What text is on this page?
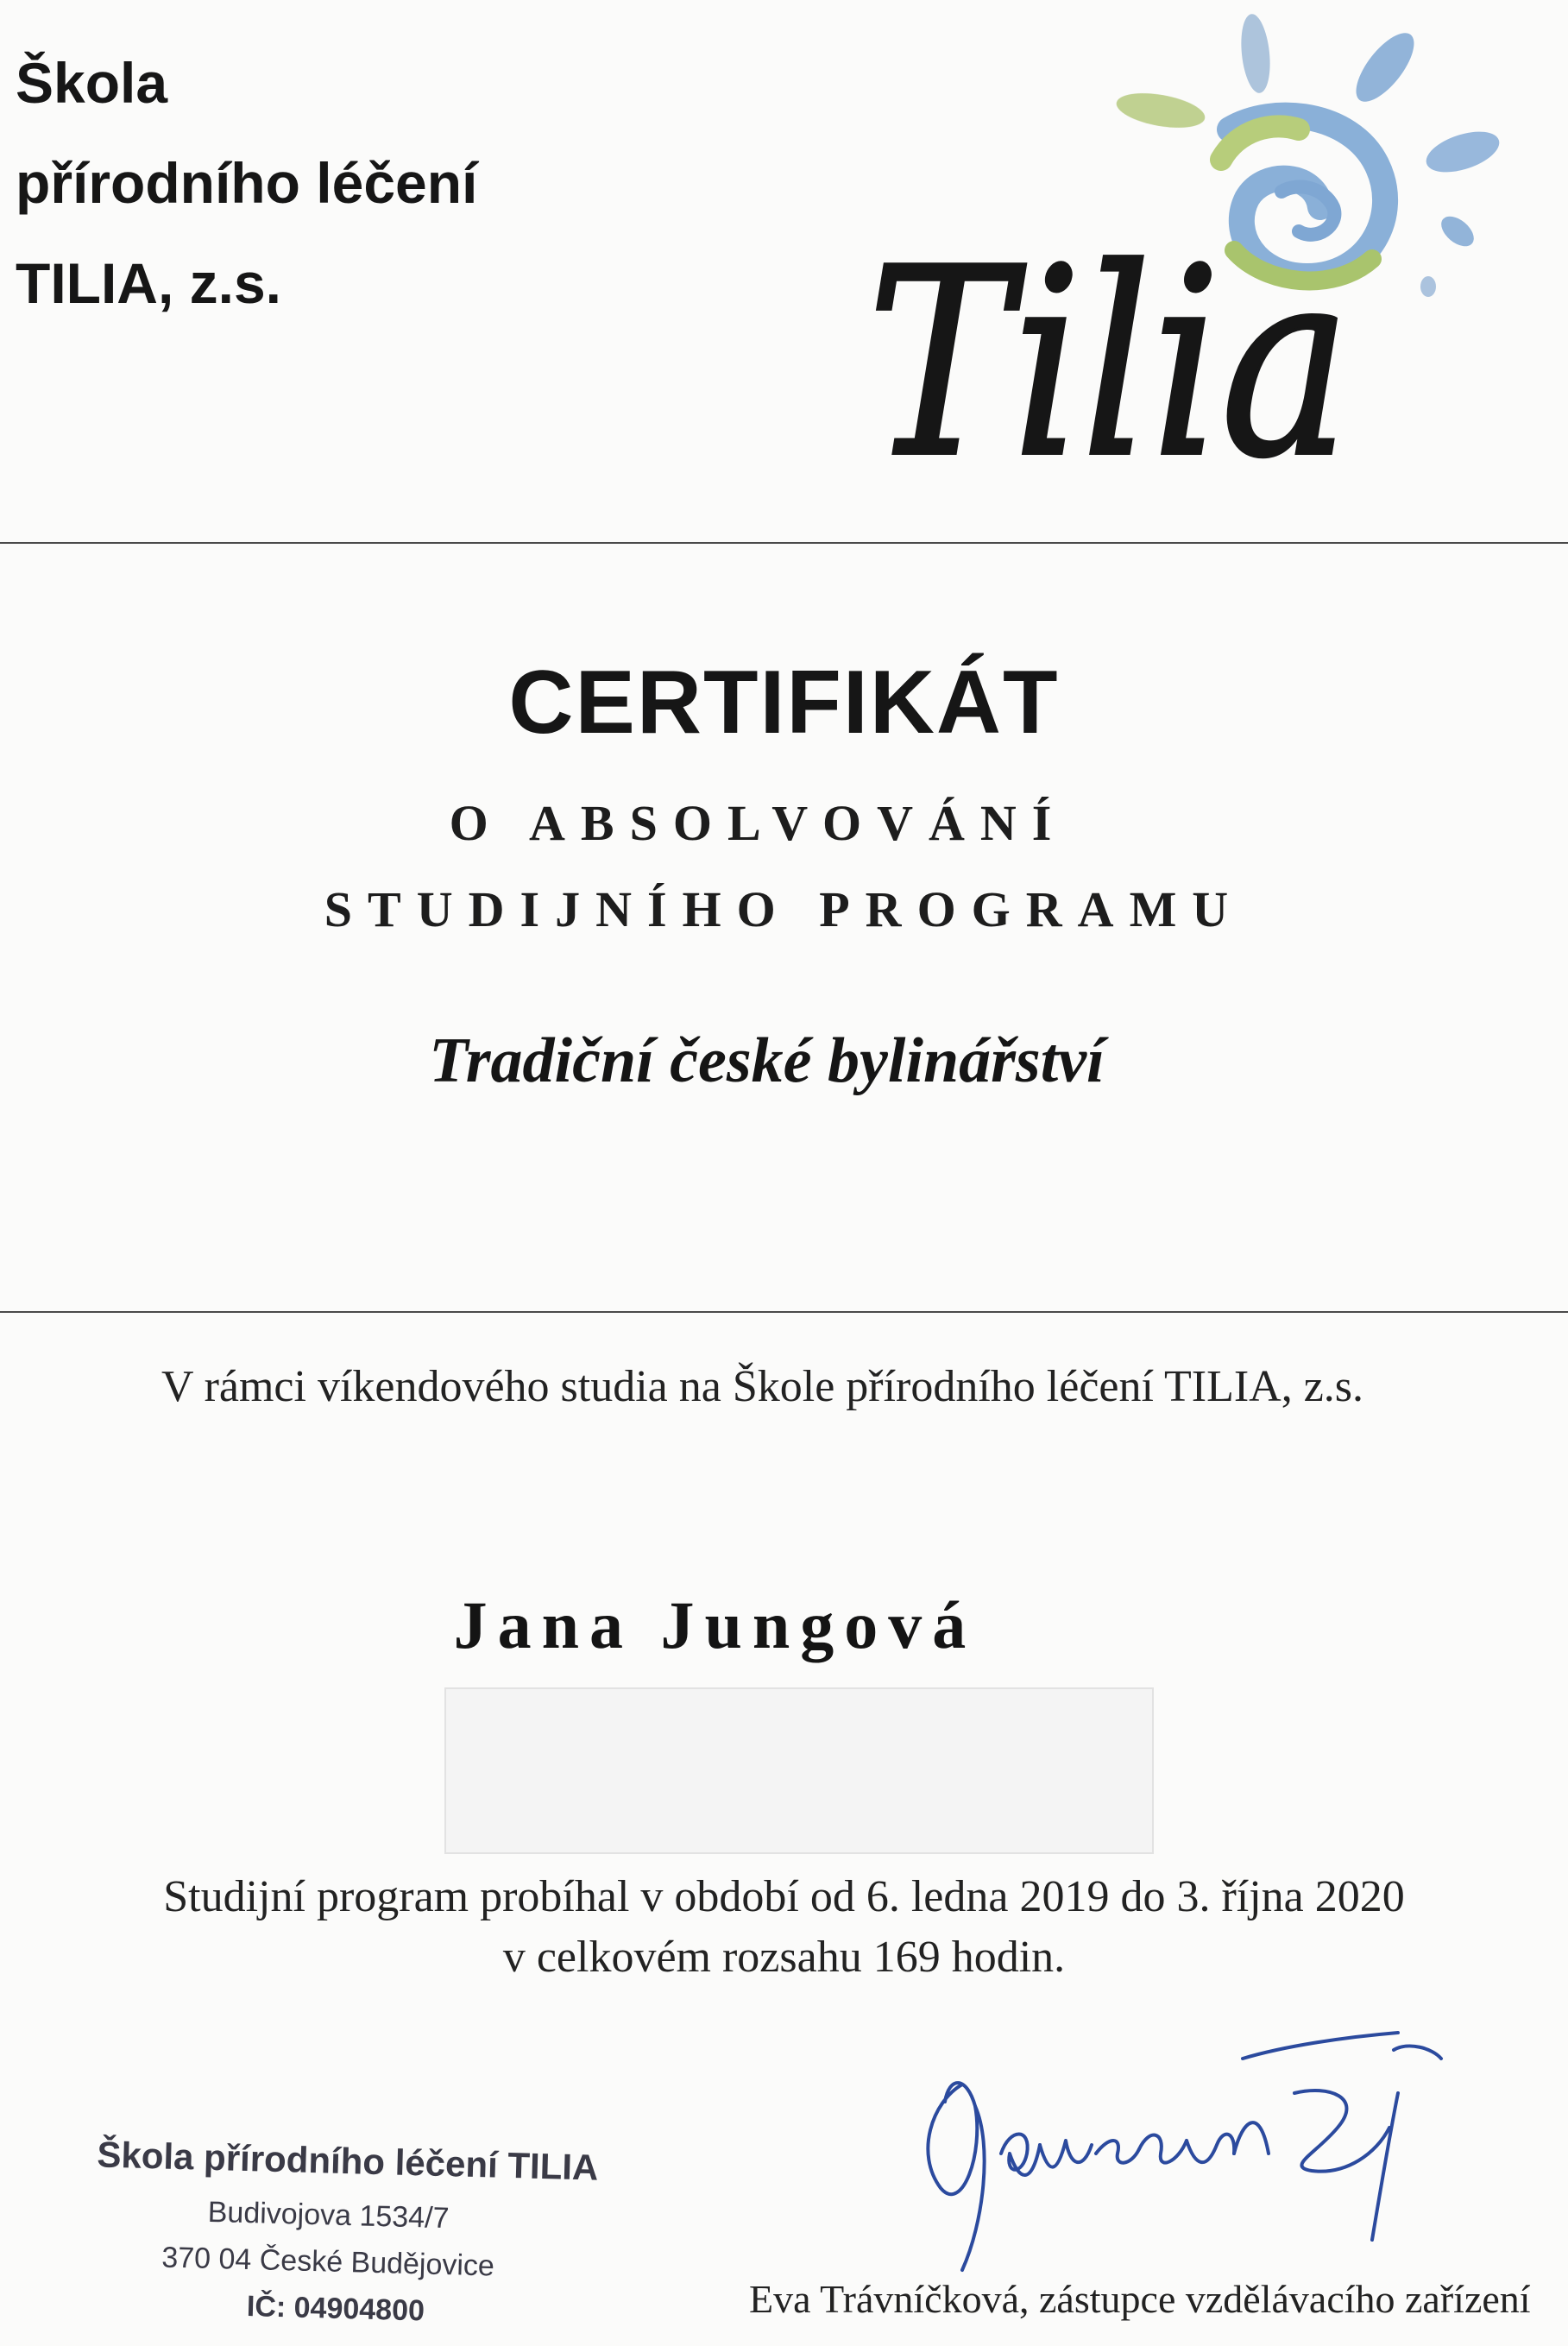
Škola
přírodního léčení
TILIA, z.s.	Tilia
CERTIFIKÁT
O ABSOLVOVÁNÍ
STUDIJNÍHO PROGRAMU
Tradiční české bylinářství
V rámci víkendového studia na Škole přírodního léčení TILIA, z.s.
Jana Jungová
Studijní program probíhal v období od 6. ledna 2019 do 3. října 2020
v celkovém rozsahu 169 hodin.
Škola přírodního léčení TILIA
Budivojova 1534/7
370 04 České Budějovice
IČ: 04904800	Eva Trávníčková, zástupce vzdělávacího zařízení
